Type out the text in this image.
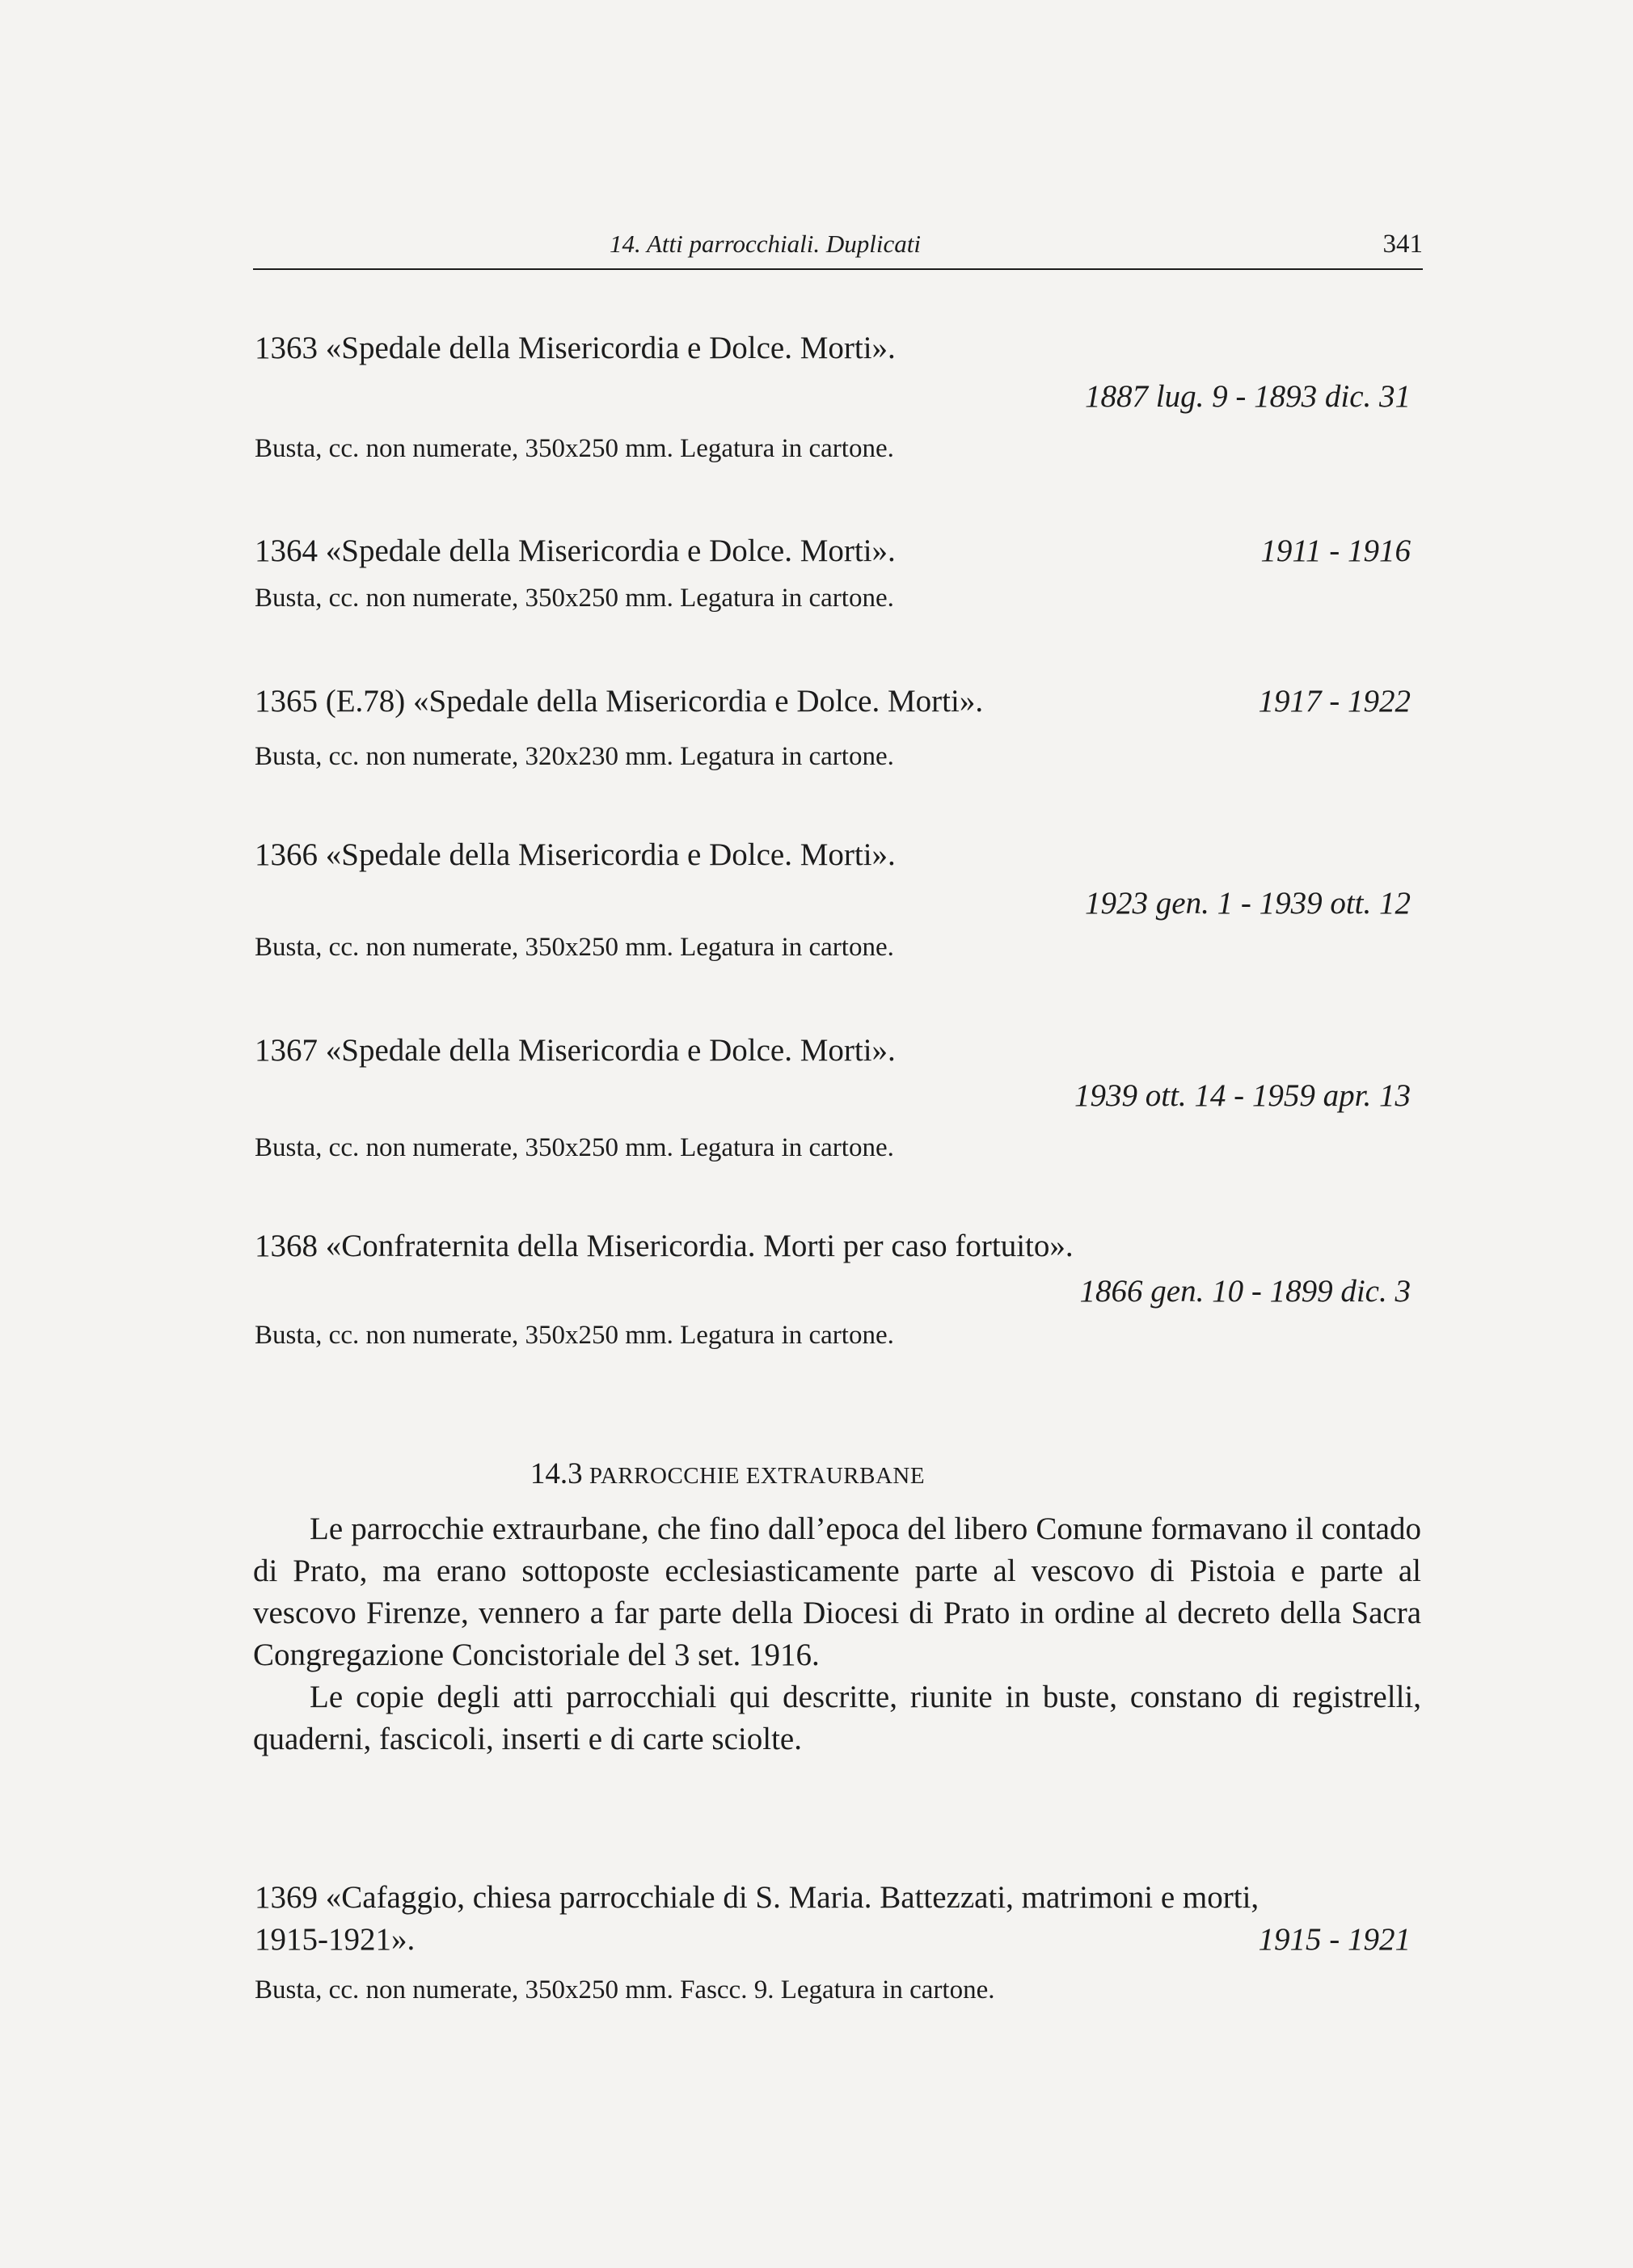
14. Atti parrocchiali. Duplicati	341
1363 «Spedale della Misericordia e Dolce. Morti».
1887 lug. 9 - 1893 dic. 31
Busta, cc. non numerate, 350x250 mm. Legatura in cartone.
1364 «Spedale della Misericordia e Dolce. Morti».	1911 - 1916
Busta, cc. non numerate, 350x250 mm. Legatura in cartone.
1365 (E.78) «Spedale della Misericordia e Dolce. Morti».	1917 - 1922
Busta, cc. non numerate, 320x230 mm. Legatura in cartone.
1366 «Spedale della Misericordia e Dolce. Morti».
1923 gen. 1 - 1939 ott. 12
Busta, cc. non numerate, 350x250 mm. Legatura in cartone.
1367 «Spedale della Misericordia e Dolce. Morti».
1939 ott. 14 - 1959 apr. 13
Busta, cc. non numerate, 350x250 mm. Legatura in cartone.
1368 «Confraternita della Misericordia. Morti per caso fortuito».
1866 gen. 10 - 1899 dic. 3
Busta, cc. non numerate, 350x250 mm. Legatura in cartone.
14.3 PARROCCHIE EXTRAURBANE

Le parrocchie extraurbane, che fino dall’epoca del libero Comune formavano il contado di Prato, ma erano sottoposte ecclesiasticamente parte al vescovo di Pistoia e parte al vescovo Firenze, vennero a far parte della Diocesi di Prato in ordine al decreto della Sacra Congregazione Concistoriale del 3 set. 1916.

Le copie degli atti parrocchiali qui descritte, riunite in buste, constano di registrelli, quaderni, fascicoli, inserti e di carte sciolte.

1369 «Cafaggio, chiesa parrocchiale di S. Maria. Battezzati, matrimoni e morti,
1915-1921».	1915 - 1921
Busta, cc. non numerate, 350x250 mm. Fascc. 9. Legatura in cartone.
